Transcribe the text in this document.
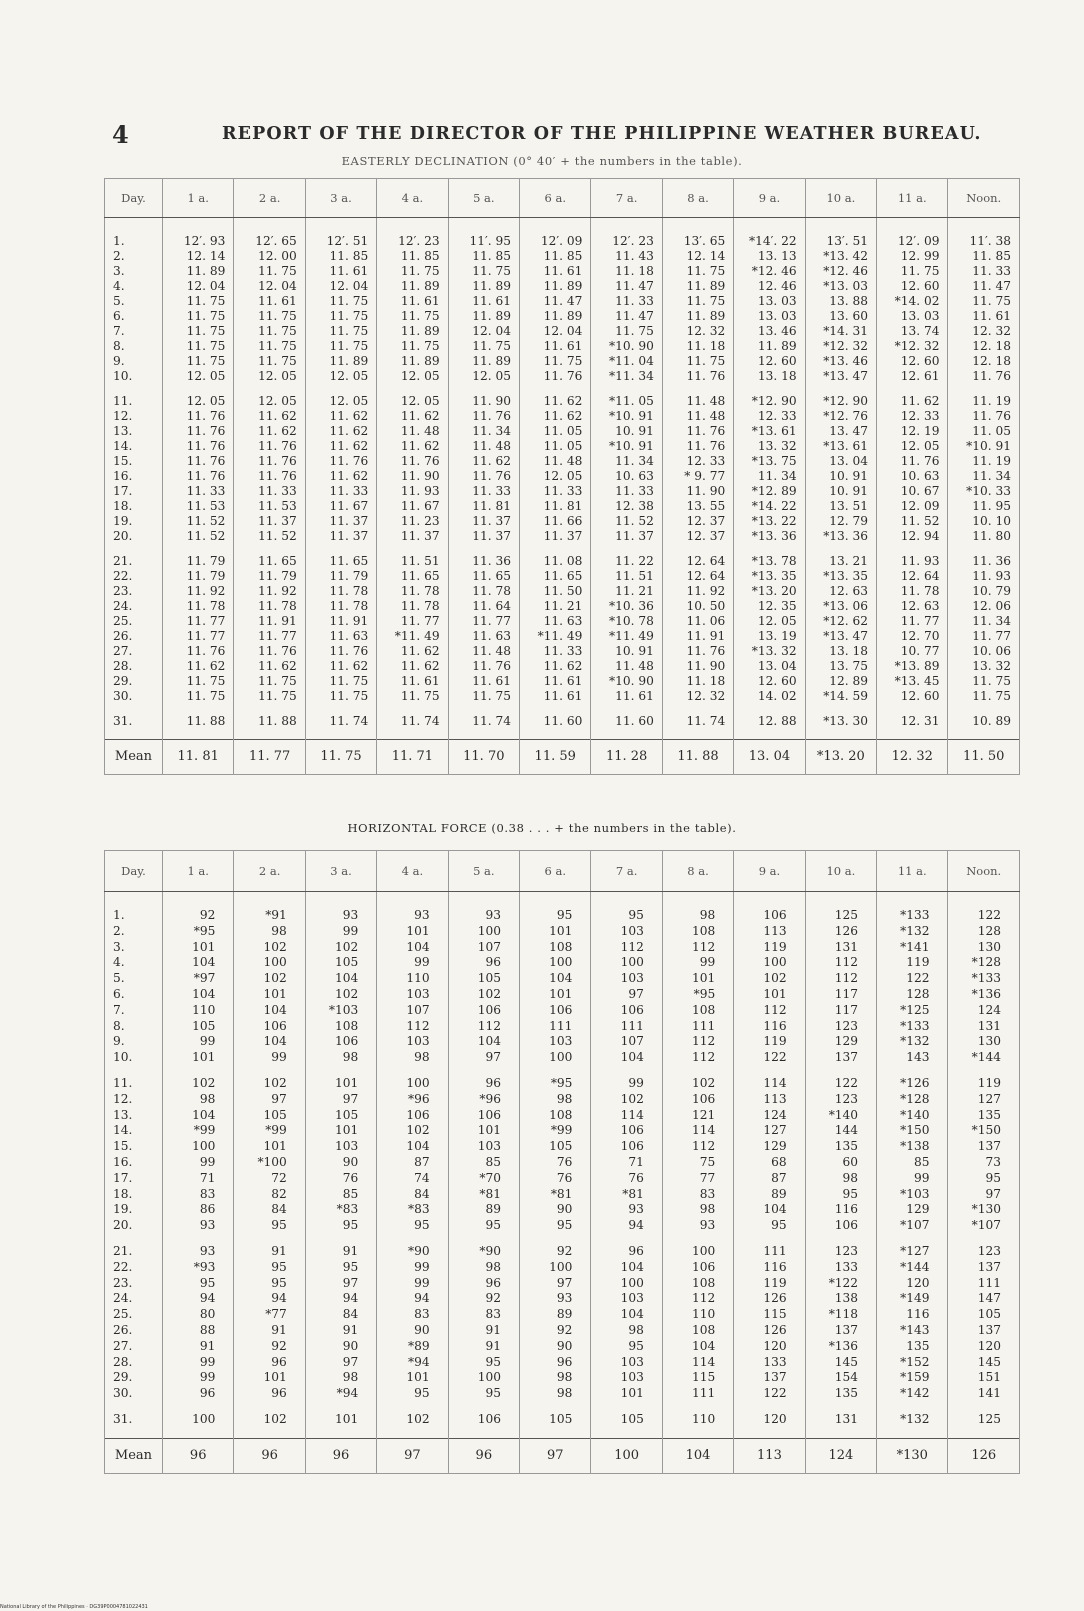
4	REPORT OF THE DIRECTOR OF THE PHILIPPINE WEATHER BUREAU.
EASTERLY DECLINATION (0° 40′ + the numbers in the table).
Day.	1 a.	2 a.	3 a.	4 a.	5 a.	6 a.	7 a.	8 a.	9 a.	10 a.	11 a.	Noon.
1.	12′. 93	12′. 65	12′. 51	12′. 23	11′. 95	12′. 09	12′. 23	13′. 65	*14′. 22	13′. 51	12′. 09	11′. 38
2.	12. 14	12. 00	11. 85	11. 85	11. 85	11. 85	11. 43	12. 14	13. 13	*13. 42	12. 99	11. 85
3.	11. 89	11. 75	11. 61	11. 75	11. 75	11. 61	11. 18	11. 75	*12. 46	*12. 46	11. 75	11. 33
4.	12. 04	12. 04	12. 04	11. 89	11. 89	11. 89	11. 47	11. 89	12. 46	*13. 03	12. 60	11. 47
5.	11. 75	11. 61	11. 75	11. 61	11. 61	11. 47	11. 33	11. 75	13. 03	13. 88	*14. 02	11. 75
6.	11. 75	11. 75	11. 75	11. 75	11. 89	11. 89	11. 47	11. 89	13. 03	13. 60	13. 03	11. 61
7.	11. 75	11. 75	11. 75	11. 89	12. 04	12. 04	11. 75	12. 32	13. 46	*14. 31	13. 74	12. 32
8.	11. 75	11. 75	11. 75	11. 75	11. 75	11. 61	*10. 90	11. 18	11. 89	*12. 32	*12. 32	12. 18
9.	11. 75	11. 75	11. 89	11. 89	11. 89	11. 75	*11. 04	11. 75	12. 60	*13. 46	12. 60	12. 18
10.	12. 05	12. 05	12. 05	12. 05	12. 05	11. 76	*11. 34	11. 76	13. 18	*13. 47	12. 61	11. 76
11.	12. 05	12. 05	12. 05	12. 05	11. 90	11. 62	*11. 05	11. 48	*12. 90	*12. 90	11. 62	11. 19
12.	11. 76	11. 62	11. 62	11. 62	11. 76	11. 62	*10. 91	11. 48	12. 33	*12. 76	12. 33	11. 76
13.	11. 76	11. 62	11. 62	11. 48	11. 34	11. 05	10. 91	11. 76	*13. 61	13. 47	12. 19	11. 05
14.	11. 76	11. 76	11. 62	11. 62	11. 48	11. 05	*10. 91	11. 76	13. 32	*13. 61	12. 05	*10. 91
15.	11. 76	11. 76	11. 76	11. 76	11. 62	11. 48	11. 34	12. 33	*13. 75	13. 04	11. 76	11. 19
16.	11. 76	11. 76	11. 62	11. 90	11. 76	12. 05	10. 63	* 9. 77	11. 34	10. 91	10. 63	11. 34
17.	11. 33	11. 33	11. 33	11. 93	11. 33	11. 33	11. 33	11. 90	*12. 89	10. 91	10. 67	*10. 33
18.	11. 53	11. 53	11. 67	11. 67	11. 81	11. 81	12. 38	13. 55	*14. 22	13. 51	12. 09	11. 95
19.	11. 52	11. 37	11. 37	11. 23	11. 37	11. 66	11. 52	12. 37	*13. 22	12. 79	11. 52	10. 10
20.	11. 52	11. 52	11. 37	11. 37	11. 37	11. 37	11. 37	12. 37	*13. 36	*13. 36	12. 94	11. 80
21.	11. 79	11. 65	11. 65	11. 51	11. 36	11. 08	11. 22	12. 64	*13. 78	13. 21	11. 93	11. 36
22.	11. 79	11. 79	11. 79	11. 65	11. 65	11. 65	11. 51	12. 64	*13. 35	*13. 35	12. 64	11. 93
23.	11. 92	11. 92	11. 78	11. 78	11. 78	11. 50	11. 21	11. 92	*13. 20	12. 63	11. 78	10. 79
24.	11. 78	11. 78	11. 78	11. 78	11. 64	11. 21	*10. 36	10. 50	12. 35	*13. 06	12. 63	12. 06
25.	11. 77	11. 91	11. 91	11. 77	11. 77	11. 63	*10. 78	11. 06	12. 05	*12. 62	11. 77	11. 34
26.	11. 77	11. 77	11. 63	*11. 49	11. 63	*11. 49	*11. 49	11. 91	13. 19	*13. 47	12. 70	11. 77
27.	11. 76	11. 76	11. 76	11. 62	11. 48	11. 33	10. 91	11. 76	*13. 32	13. 18	10. 77	10. 06
28.	11. 62	11. 62	11. 62	11. 62	11. 76	11. 62	11. 48	11. 90	13. 04	13. 75	*13. 89	13. 32
29.	11. 75	11. 75	11. 75	11. 61	11. 61	11. 61	*10. 90	11. 18	12. 60	12. 89	*13. 45	11. 75
30.	11. 75	11. 75	11. 75	11. 75	11. 75	11. 61	11. 61	12. 32	14. 02	*14. 59	12. 60	11. 75
31.	11. 88	11. 88	11. 74	11. 74	11. 74	11. 60	11. 60	11. 74	12. 88	*13. 30	12. 31	10. 89
Mean	11. 81	11. 77	11. 75	11. 71	11. 70	11. 59	11. 28	11. 88	13. 04	*13. 20	12. 32	11. 50
HORIZONTAL FORCE (0.38 . . . + the numbers in the table).
Day.	1 a.	2 a.	3 a.	4 a.	5 a.	6 a.	7 a.	8 a.	9 a.	10 a.	11 a.	Noon.
1.	92	*91	93	93	93	95	95	98	106	125	*133	122
2.	*95	98	99	101	100	101	103	108	113	126	*132	128
3.	101	102	102	104	107	108	112	112	119	131	*141	130
4.	104	100	105	99	96	100	100	99	100	112	119	*128
5.	*97	102	104	110	105	104	103	101	102	112	122	*133
6.	104	101	102	103	102	101	97	*95	101	117	128	*136
7.	110	104	*103	107	106	106	106	108	112	117	*125	124
8.	105	106	108	112	112	111	111	111	116	123	*133	131
9.	99	104	106	103	104	103	107	112	119	129	*132	130
10.	101	99	98	98	97	100	104	112	122	137	143	*144
11.	102	102	101	100	96	*95	99	102	114	122	*126	119
12.	98	97	97	*96	*96	98	102	106	113	123	*128	127
13.	104	105	105	106	106	108	114	121	124	*140	*140	135
14.	*99	*99	101	102	101	*99	106	114	127	144	*150	*150
15.	100	101	103	104	103	105	106	112	129	135	*138	137
16.	99	*100	90	87	85	76	71	75	68	60	85	73
17.	71	72	76	74	*70	76	76	77	87	98	99	95
18.	83	82	85	84	*81	*81	*81	83	89	95	*103	97
19.	86	84	*83	*83	89	90	93	98	104	116	129	*130
20.	93	95	95	95	95	95	94	93	95	106	*107	*107
21.	93	91	91	*90	*90	92	96	100	111	123	*127	123
22.	*93	95	95	99	98	100	104	106	116	133	*144	137
23.	95	95	97	99	96	97	100	108	119	*122	120	111
24.	94	94	94	94	92	93	103	112	126	138	*149	147
25.	80	*77	84	83	83	89	104	110	115	*118	116	105
26.	88	91	91	90	91	92	98	108	126	137	*143	137
27.	91	92	90	*89	91	90	95	104	120	*136	135	120
28.	99	96	97	*94	95	96	103	114	133	145	*152	145
29.	99	101	98	101	100	98	103	115	137	154	*159	151
30.	96	96	*94	95	95	98	101	111	122	135	*142	141
31.	100	102	101	102	106	105	105	110	120	131	*132	125
Mean	96	96	96	97	96	97	100	104	113	124	*130	126
National Library of the Philippines · DG39P0004781022431
